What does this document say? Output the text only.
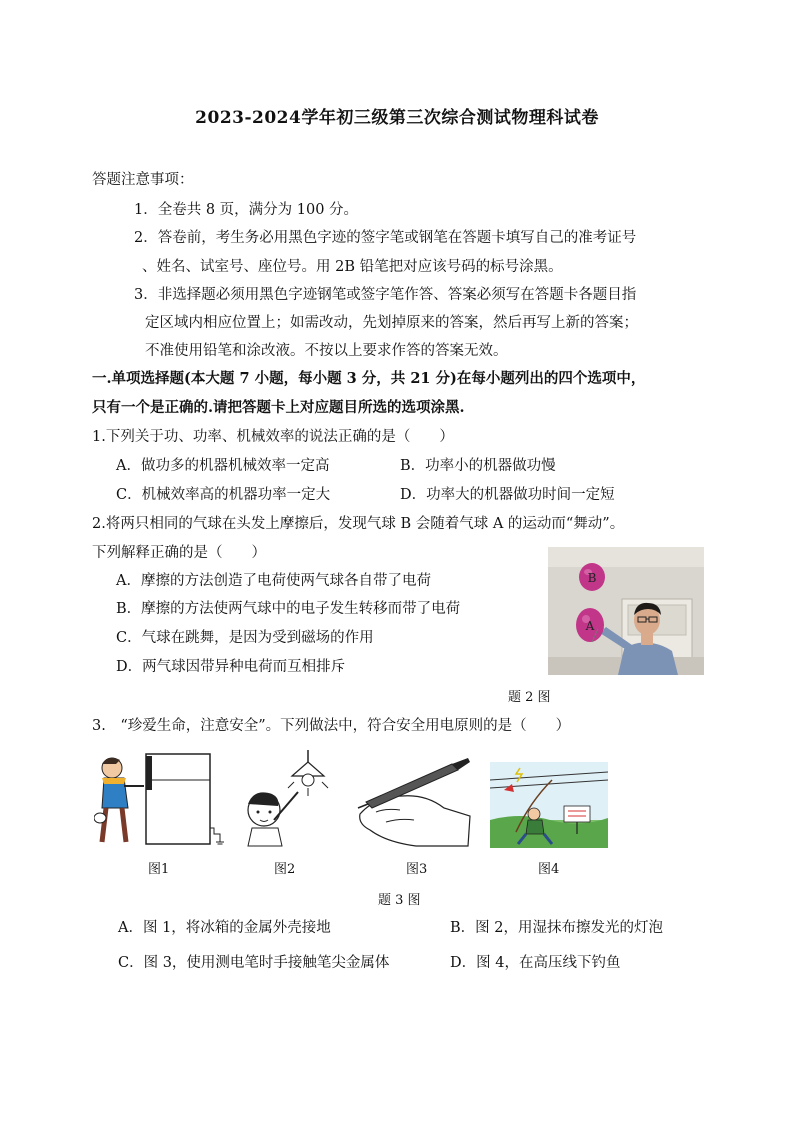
2023-2024学年初三级第三次综合测试物理科试卷
答题注意事项：
1．全卷共 8 页，满分为 100 分。
2．答卷前，考生务必用黑色字迹的签字笔或钢笔在答题卡填写自己的准考证号
、姓名、试室号、座位号。用 2B 铅笔把对应该号码的标号涂黑。
3．非选择题必须用黑色字迹钢笔或签字笔作答、答案必须写在答题卡各题目指
定区域内相应位置上；如需改动，先划掉原来的答案，然后再写上新的答案；
不准使用铅笔和涂改液。不按以上要求作答的答案无效。
一.单项选择题(本大题 7 小题，每小题 3 分，共 21 分)在每小题列出的四个选项中，
只有一个是正确的.请把答题卡上对应题目所选的选项涂黑.
1.下列关于功、功率、机械效率的说法正确的是（　　）
A．做功多的机器机械效率一定高	B．功率小的机器做功慢
C．机械效率高的机器功率一定大	D．功率大的机器做功时间一定短
2.将两只相同的气球在头发上摩擦后，发现气球 B 会随着气球 A 的运动而“舞动”。
下列解释正确的是（　　）
A．摩擦的方法创造了电荷使两气球各自带了电荷
B．摩擦的方法使两气球中的电子发生转移而带了电荷
C．气球在跳舞，是因为受到磁场的作用
D．两气球因带异种电荷而互相排斥
B
A
题 2 图
3.　“珍爱生命，注意安全”。下列做法中，符合安全用电原则的是（　　）
图1	图2	图3	图4
题 3 图
A．图 1，将冰箱的金属外壳接地	B．图 2，用湿抹布擦发光的灯泡
C．图 3，使用测电笔时手接触笔尖金属体	D．图 4，在高压线下钓鱼
